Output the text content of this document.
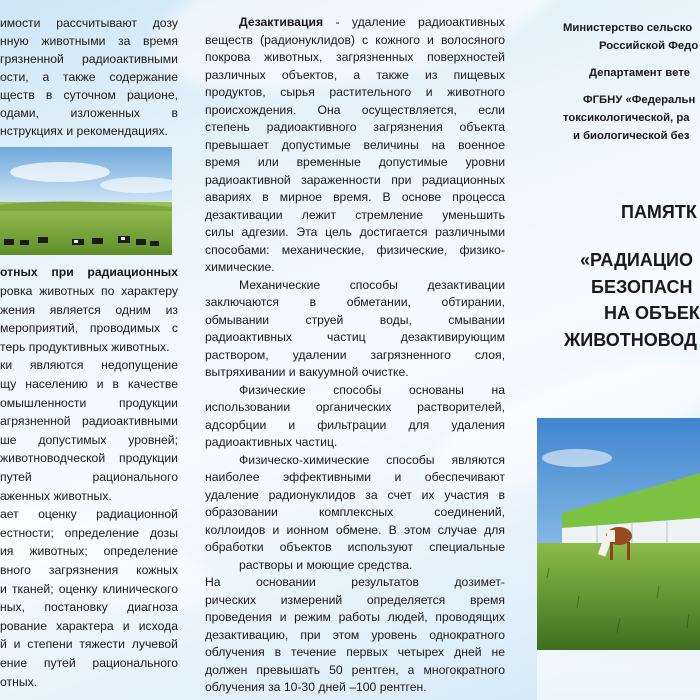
имости рассчитывают дозу
нную животными за время
грязненной радиоактивными
ости, а также содержание
ществ в суточном рационе,
одами, изложенных в
нструкциях и рекомендациях.
отных при радиационных
ровка животных по характеру
жения является одним из
мероприятий, проводимых с
терь продуктивных животных.
ки являются недопущение
щу населению и в качестве
омышленности продукции
агрязненной радиоактивными
ше допустимых уровней;
животноводческой продукции
путей рационального
аженных животных.
ает оценку радиационной
естности; определение дозы
ия животных; определение
вного загрязнения кожных
и тканей; оценку клинического
ных, постановку диагноза
рование характера и исхода
й и степени тяжести лучевой
ение путей рационального
отных.
Дезактивация - удаление радиоактивных
веществ (радионуклидов) с кожного и волосяного
покрова животных, загрязненных поверхностей
различных объектов, а также из пищевых
продуктов, сырья растительного и животного
происхождения. Она осуществляется, если
степень радиоактивного загрязнения объекта
превышает допустимые величины на военное
время или временные допустимые уровни
радиоактивной зараженности при радиационных
авариях в мирное время. В основе процесса
дезактивации лежит стремление уменьшить
силы адгезии. Эта цель достигается различными
способами: механические, физические, физико-
химические.
Механические способы дезактивации
заключаются в обметании, обтирании,
обмывании струей воды, смывании
радиоактивных частиц дезактивирующим
раствором, удалении загрязненного слоя,
вытряхивании и вакуумной очистке.
Физические способы основаны на
использовании органических растворителей,
адсорбции и фильтрации для удаления
радиоактивных частиц.
Физическо-химические способы являются
наиболее эффективными и обеспечивают
удаление радионуклидов за счет их участия в
образовании комплексных соединений,
коллоидов и ионном обмене. В этом случае для
обработки объектов используют специальные
растворы и моющие средства.
На основании результатов дозимет-
рических измерений определяется время
проведения и режим работы людей, проводящих
дезактивацию, при этом уровень однократного
облучения в течение первых четырех дней не
должен превышать 50 рентген, а многократного
облучения за 10-30 дней –100 рентген.
Министерство сельско
Российской Федо
Департамент вете
ФГБНУ «Федеральн
токсикологической, ра
и биологической без
ПАМЯТК
«РАДИАЦИО
БЕЗОПАСН
НА ОБЪЕК
ЖИВОТНОВОД
